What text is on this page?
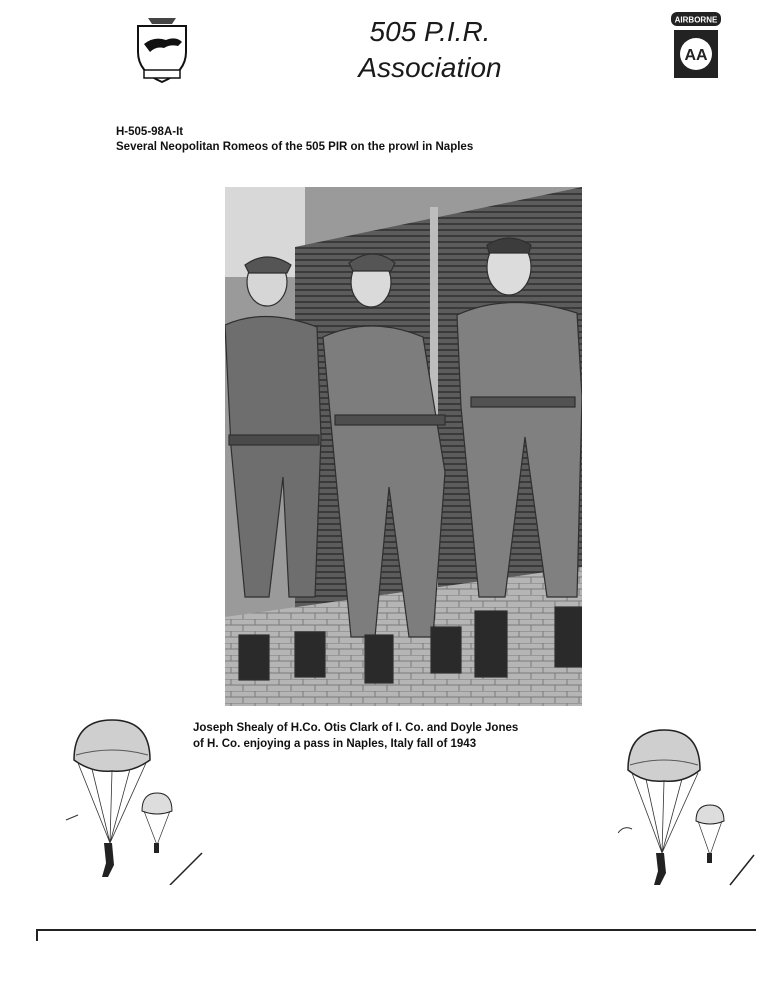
505 P.I.R.
Association
AIRBORNE
AA
H-505-98A-It
Several Neopolitan Romeos of the 505 PIR on the prowl in Naples
Joseph Shealy of H.Co. Otis Clark of I. Co. and Doyle Jones
of H. Co. enjoying a pass in Naples, Italy fall of 1943
